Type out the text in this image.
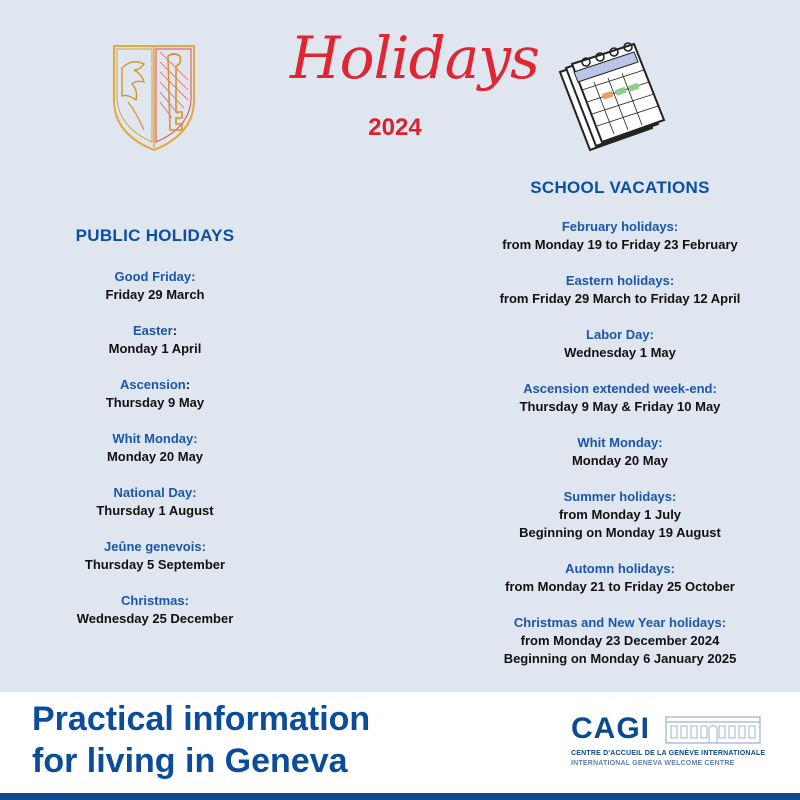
Holidays
2024
PUBLIC HOLIDAYS
Good Friday:
Friday 29 March
Easter:
Monday 1 April
Ascension:
Thursday 9 May
Whit Monday:
Monday 20 May
National Day:
Thursday 1 August
Jeûne genevois:
Thursday 5 September
Christmas:
Wednesday 25 December
SCHOOL VACATIONS
February holidays:
from Monday 19 to Friday 23 February
Eastern holidays:
from Friday 29 March to Friday 12 April
Labor Day:
Wednesday 1 May
Ascension extended week-end:
Thursday 9 May & Friday 10 May
Whit Monday:
Monday 20 May
Summer holidays:
from Monday 1 July
Beginning on Monday 19 August
Automn holidays:
from Monday 21 to Friday 25 October
Christmas and New Year holidays:
from Monday 23 December 2024
Beginning on Monday 6 January 2025
Practical information
for living in Geneva
CAGI
CENTRE D'ACCUEIL DE LA GENÈVE INTERNATIONALE
INTERNATIONAL GENEVA WELCOME CENTRE
